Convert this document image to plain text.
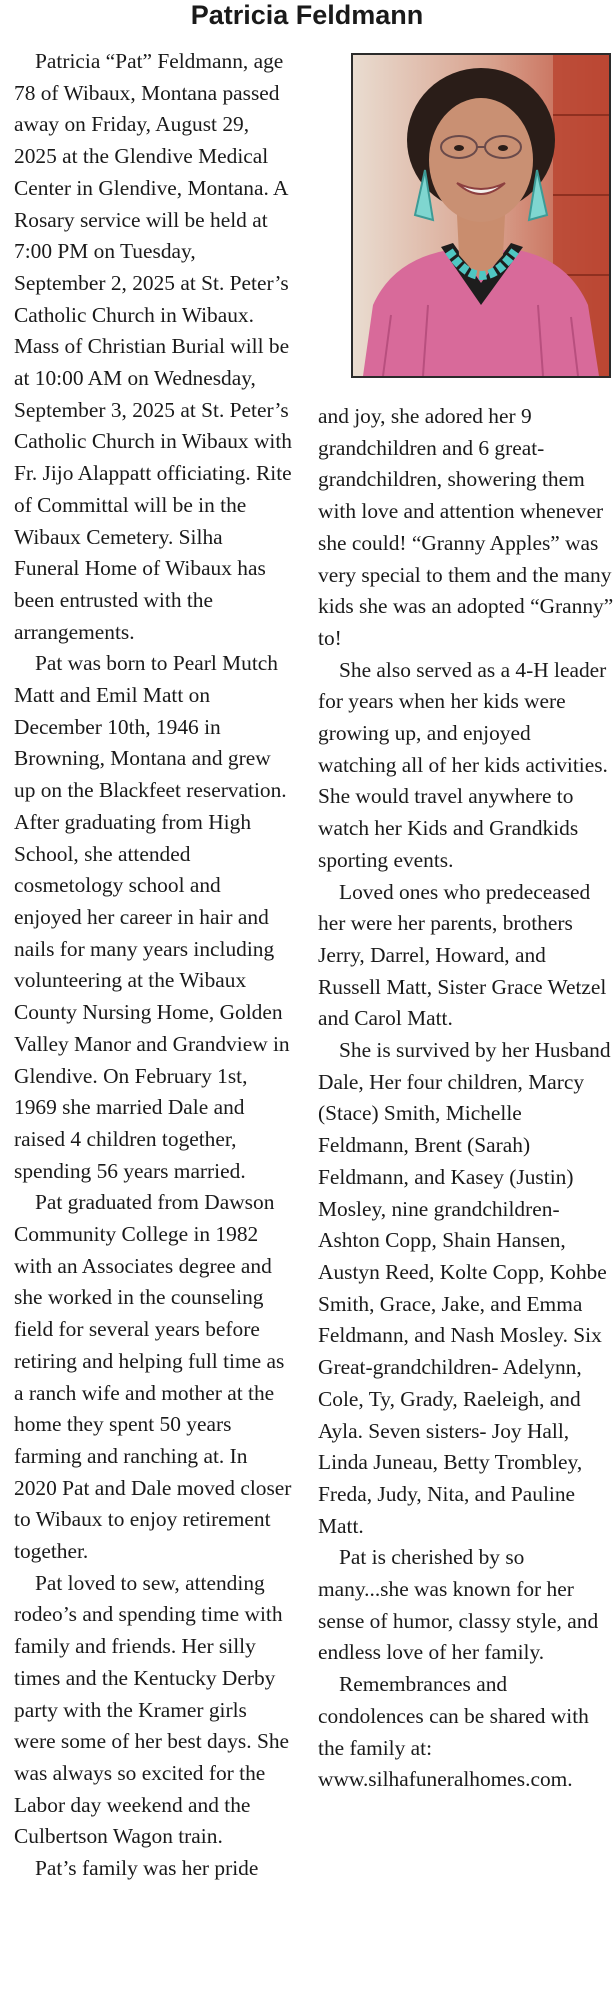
Patricia Feldmann

Patricia “Pat” Feldmann, age 78 of Wibaux, Montana passed away on Friday, August 29, 2025 at the Glendive Medical Center in Glendive, Montana. A Rosary service will be held at 7:00 PM on Tuesday, September 2, 2025 at St. Peter’s Catholic Church in Wibaux. Mass of Christian Burial will be at 10:00 AM on Wednesday, September 3, 2025 at St. Peter’s Catholic Church in Wibaux with Fr. Jijo Alappatt officiating. Rite of Committal will be in the Wibaux Cemetery. Silha Funeral Home of Wibaux has been entrusted with the arrangements.

Pat was born to Pearl Mutch Matt and Emil Matt on December 10th, 1946 in Browning, Montana and grew up on the Blackfeet reservation. After graduating from High School, she attended cosmetology school and enjoyed her career in hair and nails for many years including volunteering at the Wibaux County Nursing Home, Golden Valley Manor and Grandview in Glendive. On February 1st, 1969 she married Dale and raised 4 children together, spending 56 years married.

Pat graduated from Dawson Community College in 1982 with an Associates degree and she worked in the counseling field for several years before retiring and helping full time as a ranch wife and mother at the home they spent 50 years farming and ranching at. In 2020 Pat and Dale moved closer to Wibaux to enjoy retirement together.

Pat loved to sew, attending rodeo’s and spending time with family and friends. Her silly times and the Kentucky Derby party with the Kramer girls were some of her best days. She was always so excited for the Labor day weekend and the Culbertson Wagon train.

Pat’s family was her pride

and joy, she adored her 9 grandchildren and 6 great-grandchildren, showering them with love and attention whenever she could! “Granny Apples” was very special to them and the many kids she was an adopted “Granny” to!

She also served as a 4-H leader for years when her kids were growing up, and enjoyed watching all of her kids activities. She would travel anywhere to watch her Kids and Grandkids sporting events.

Loved ones who predeceased her were her parents, brothers Jerry, Darrel, Howard, and Russell Matt, Sister Grace Wetzel and Carol Matt.

She is survived by her Husband Dale, Her four children, Marcy (Stace) Smith, Michelle Feldmann, Brent (Sarah) Feldmann, and Kasey (Justin) Mosley, nine grandchildren- Ashton Copp, Shain Hansen, Austyn Reed, Kolte Copp, Kohbe Smith, Grace, Jake, and Emma Feldmann, and Nash Mosley. Six Great-grandchildren- Adelynn, Cole, Ty, Grady, Raeleigh, and Ayla. Seven sisters- Joy Hall, Linda Juneau, Betty Trombley, Freda, Judy, Nita, and Pauline Matt.

Pat is cherished by so many...she was known for her sense of humor, classy style, and endless love of her family.

Remembrances and condolences can be shared with the family at: www.silhafuneralhomes.com.
